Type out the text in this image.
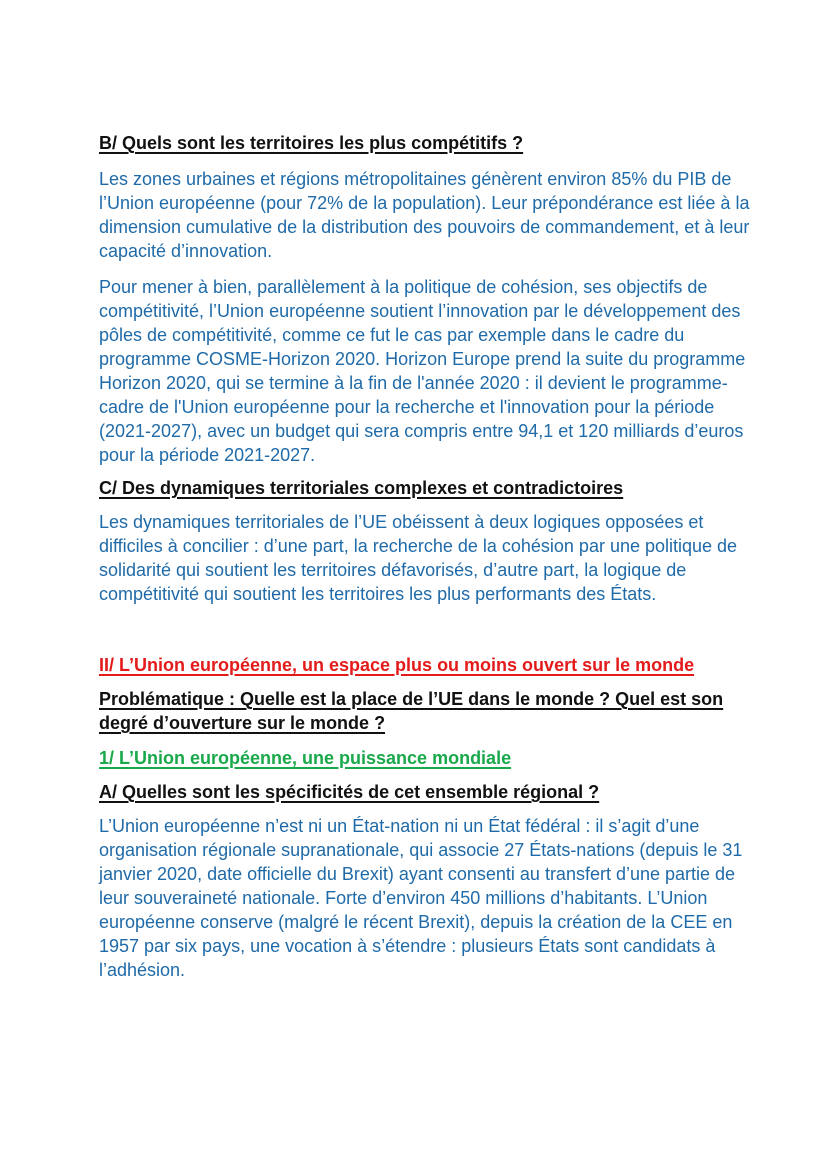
B/ Quels sont les territoires les plus compétitifs ?

Les zones urbaines et régions métropolitaines génèrent environ 85% du PIB de l’Union européenne (pour 72% de la population). Leur prépondérance est liée à la dimension cumulative de la distribution des pouvoirs de commandement, et à leur capacité d’innovation.

Pour mener à bien, parallèlement à la politique de cohésion, ses objectifs de compétitivité, l’Union européenne soutient l’innovation par le développement des pôles de compétitivité, comme ce fut le cas par exemple dans le cadre du programme COSME-Horizon 2020. Horizon Europe prend la suite du programme Horizon 2020, qui se termine à la fin de l'année 2020 : il devient le programme-cadre de l'Union européenne pour la recherche et l'innovation pour la période (2021-2027), avec un budget qui sera compris entre 94,1 et 120 milliards d’euros pour la période 2021-2027.

C/ Des dynamiques territoriales complexes et contradictoires

Les dynamiques territoriales de l’UE obéissent à deux logiques opposées et difficiles à concilier : d’une part, la recherche de la cohésion par une politique de solidarité qui soutient les territoires défavorisés, d’autre part, la logique de compétitivité qui soutient les territoires les plus performants des États.

II/ L’Union européenne, un espace plus ou moins ouvert sur le monde
Problématique : Quelle est la place de l’UE dans le monde ? Quel est son degré d’ouverture sur le monde ?
1/ L’Union européenne, une puissance mondiale
A/ Quelles sont les spécificités de cet ensemble régional ?

L’Union européenne n’est ni un État-nation ni un État fédéral : il s’agit d’une organisation régionale supranationale, qui associe 27 États-nations (depuis le 31 janvier 2020, date officielle du Brexit) ayant consenti au transfert d’une partie de leur souveraineté nationale. Forte d’environ 450 millions d’habitants. L’Union européenne conserve (malgré le récent Brexit), depuis la création de la CEE en 1957 par six pays, une vocation à s’étendre : plusieurs États sont candidats à l’adhésion.
